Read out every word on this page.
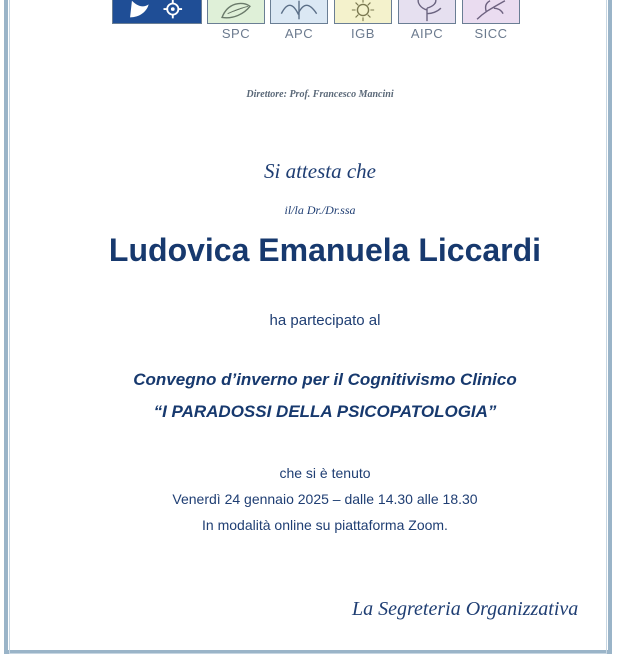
SPC	APC	IGB	AIPC	SICC
Direttore: Prof. Francesco Mancini
Si attesta che
il/la Dr./Dr.ssa
Ludovica Emanuela Liccardi
ha partecipato al
Convegno d’inverno per il Cognitivismo Clinico
“I PARADOSSI DELLA PSICOPATOLOGIA”
che si è tenuto
Venerdì 24 gennaio 2025 – dalle 14.30 alle 18.30
In modalità online su piattaforma Zoom.
La Segreteria Organizzativa
